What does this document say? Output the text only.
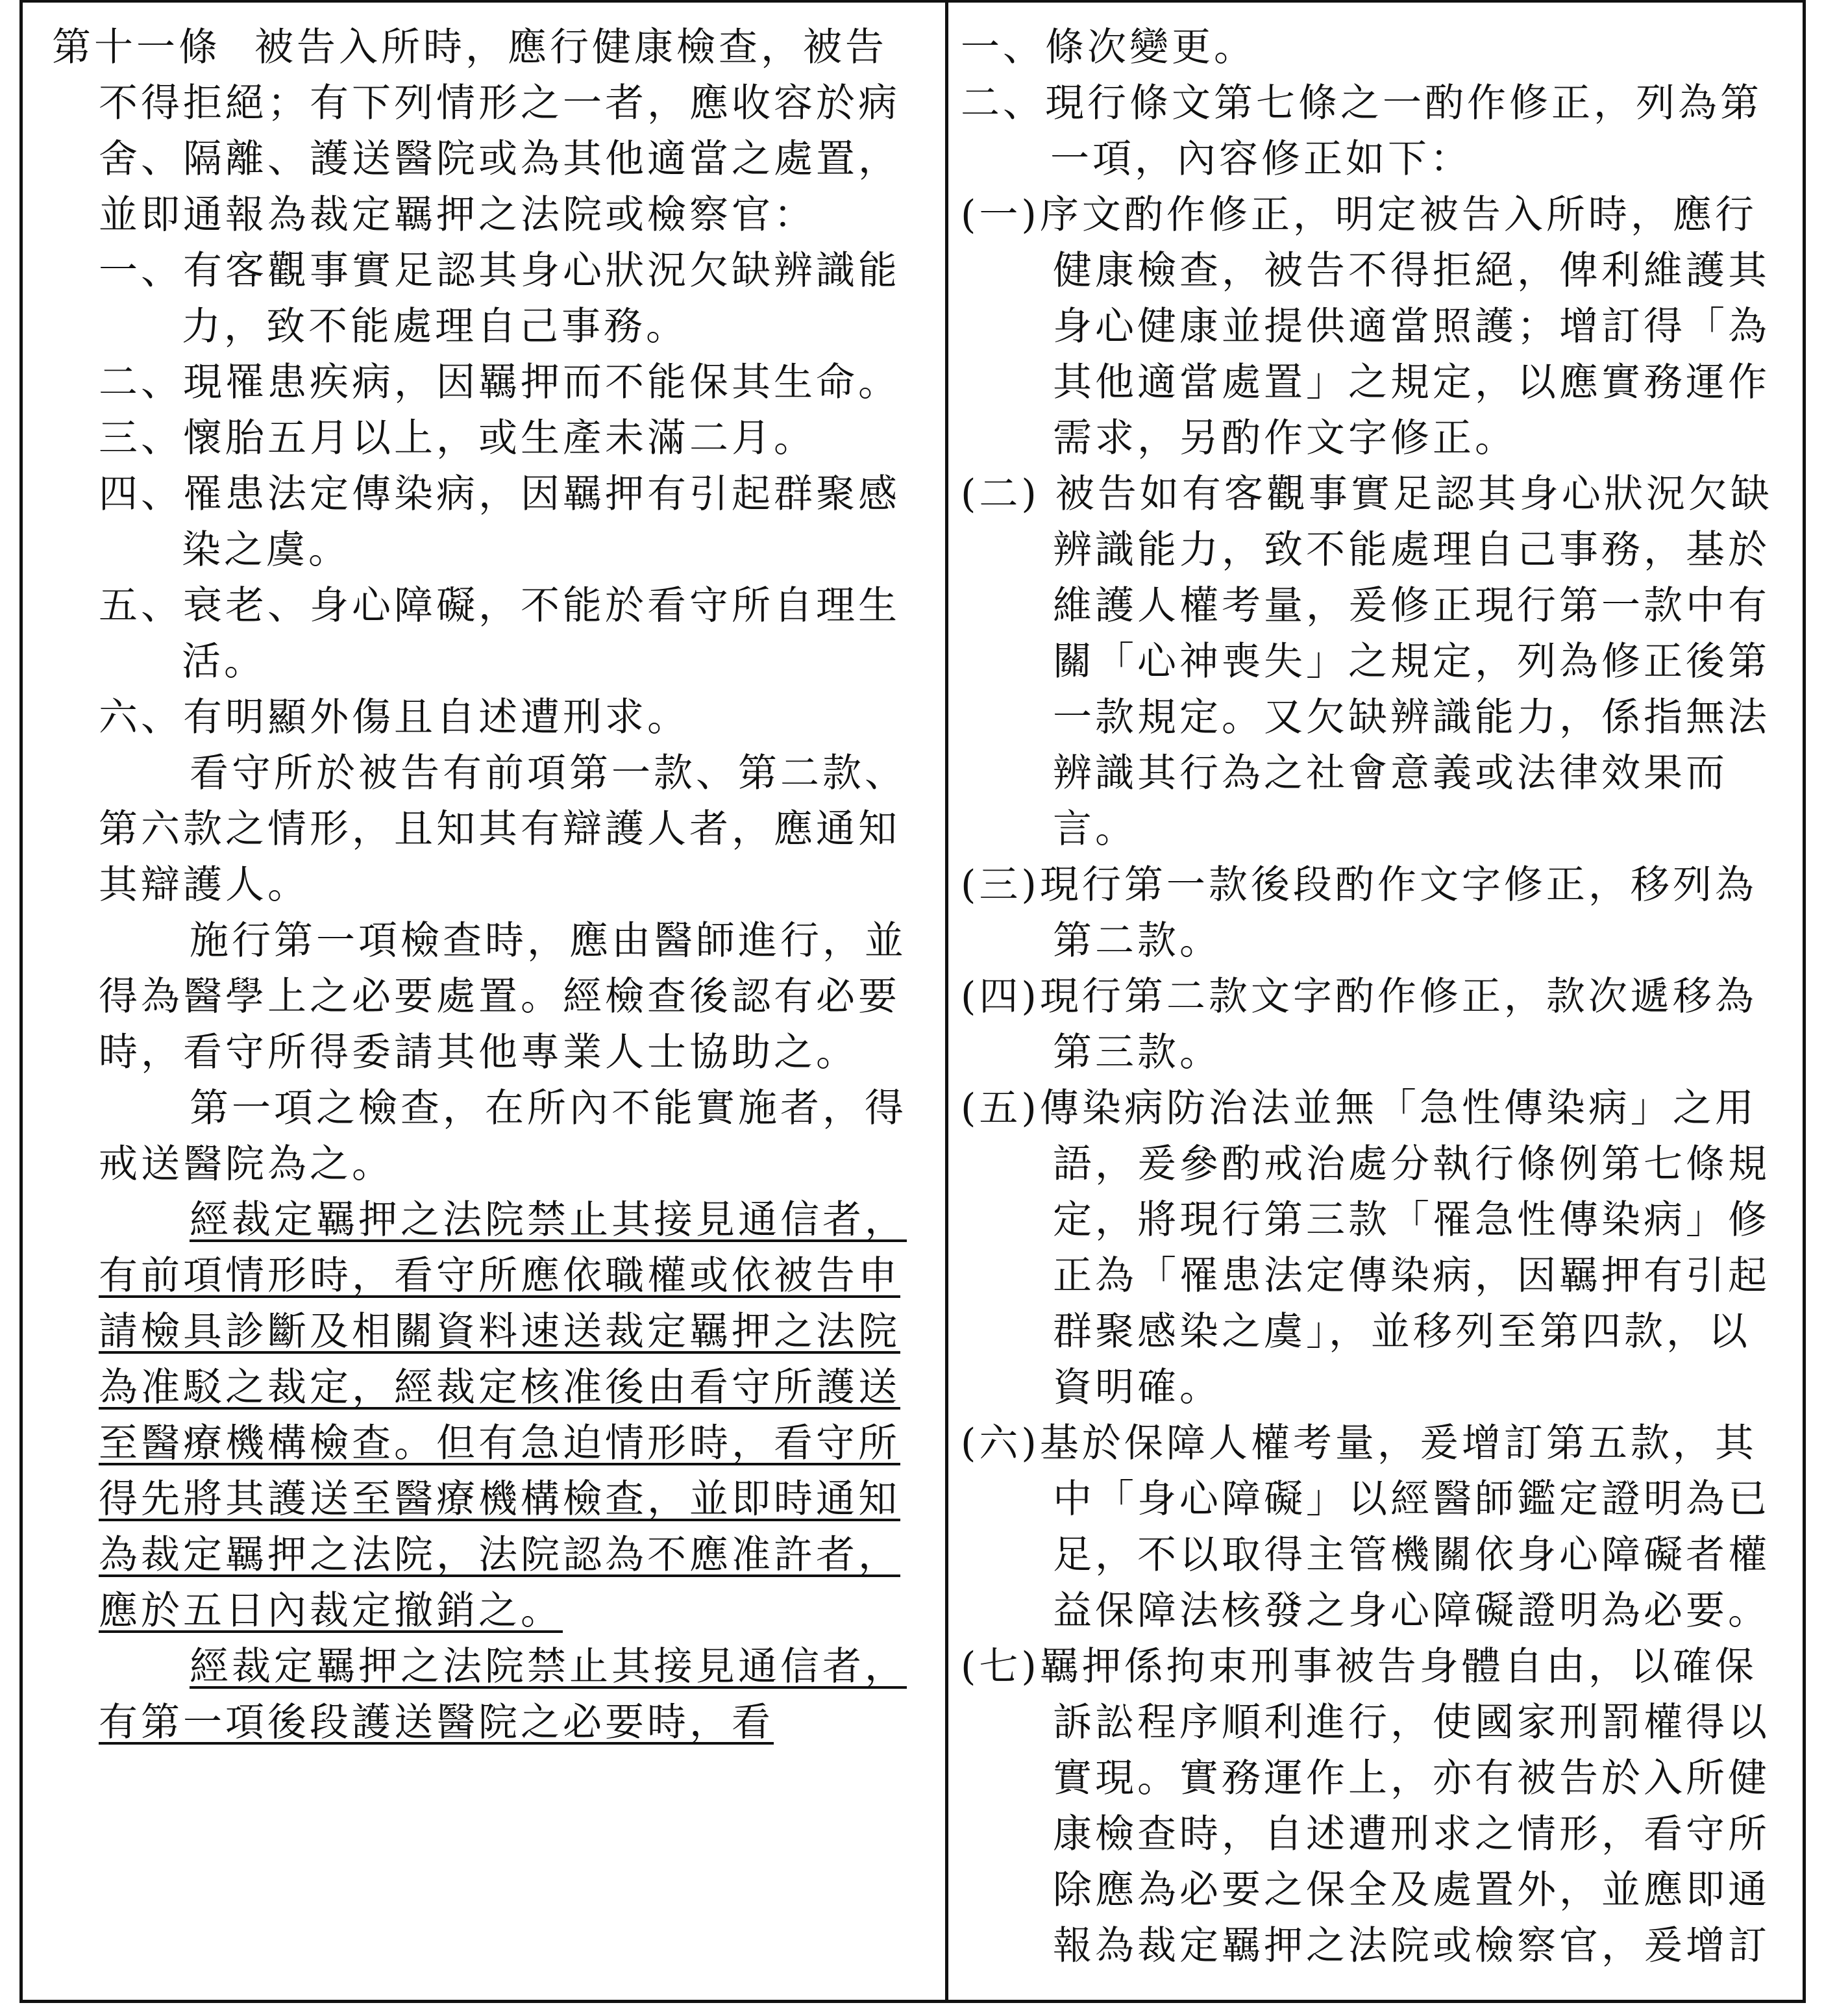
第十一條 被告入所時，應行健康檢查，被告不得拒絕；有下列情形之一者，應收容於病舍、隔離、護送醫院或為其他適當之處置，並即通報為裁定羈押之法院或檢察官：

一、有客觀事實足認其身心狀況欠缺辨識能力，致不能處理自己事務。

二、現罹患疾病，因羈押而不能保其生命。

三、懷胎五月以上，或生產未滿二月。

四、罹患法定傳染病，因羈押有引起群聚感染之虞。

五、衰老、身心障礙，不能於看守所自理生活。

六、有明顯外傷且自述遭刑求。

看守所於被告有前項第一款、第二款、第六款之情形，且知其有辯護人者，應通知其辯護人。

施行第一項檢查時，應由醫師進行，並得為醫學上之必要處置。經檢查後認有必要時，看守所得委請其他專業人士協助之。

第一項之檢查，在所內不能實施者，得戒送醫院為之。

經裁定羈押之法院禁止其接見通信者，有前項情形時，看守所應依職權或依被告申請檢具診斷及相關資料速送裁定羈押之法院為准駁之裁定，經裁定核准後由看守所護送至醫療機構檢查。但有急迫情形時，看守所得先將其護送至醫療機構檢查，並即時通知為裁定羈押之法院，法院認為不應准許者，應於五日內裁定撤銷之。

經裁定羈押之法院禁止其接見通信者，有第一項後段護送醫院之必要時，看

一、條次變更。

二、現行條文第七條之一酌作修正，列為第一項，內容修正如下：

(一)序文酌作修正，明定被告入所時，應行健康檢查，被告不得拒絕，俾利維護其身心健康並提供適當照護；增訂得「為其他適當處置」之規定，以應實務運作需求，另酌作文字修正。

(二) 被告如有客觀事實足認其身心狀況欠缺辨識能力，致不能處理自己事務，基於維護人權考量，爰修正現行第一款中有關「心神喪失」之規定，列為修正後第一款規定。又欠缺辨識能力，係指無法辨識其行為之社會意義或法律效果而言。

(三)現行第一款後段酌作文字修正，移列為第二款。

(四)現行第二款文字酌作修正，款次遞移為第三款。

(五)傳染病防治法並無「急性傳染病」之用語，爰參酌戒治處分執行條例第七條規定，將現行第三款「罹急性傳染病」修正為「罹患法定傳染病，因羈押有引起群聚感染之虞」，並移列至第四款，以資明確。

(六)基於保障人權考量，爰增訂第五款，其中「身心障礙」以經醫師鑑定證明為已足，不以取得主管機關依身心障礙者權益保障法核發之身心障礙證明為必要。

(七)羈押係拘束刑事被告身體自由，以確保訴訟程序順利進行，使國家刑罰權得以實現。實務運作上，亦有被告於入所健康檢查時，自述遭刑求之情形，看守所除應為必要之保全及處置外，並應即通報為裁定羈押之法院或檢察官，爰增訂
